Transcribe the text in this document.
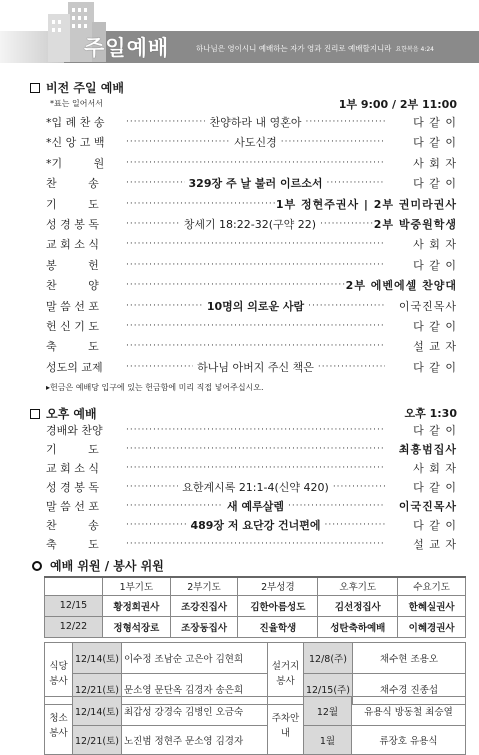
주일예배	하나님은 영이시니 예배하는 자가 영과 진리로 예배할지니라 요한복음 4:24
비전 주일 예배
*표는 일어서서	1부 9:00 / 2부 11:00
*입 례 찬 송 ·····	찬양하라 내 영혼아 ·····	다 같 이
*신 앙 고 백 ·····	사도신경 ·····	다 같 이
*기         원 ·····	사 회 자
찬         송 ·····	329장 주 날 불러 이르소서 ·····	다 같 이
기         도 ·····	1부 정현주권사 | 2부 권미라권사
성 경 봉 독 ·····	창세기 18:22-32(구약 22) ·····	2부 박중원학생
교 회 소 식 ·····	사 회 자
봉         헌 ·····	다 같 이
찬         양 ·····	2부 에벤에셀 찬양대
말 씀 선 포 ·····	10명의 의로운 사람 ·····	이국진목사
헌 신 기 도 ·····	다 같 이
축         도 ·····	설 교 자
성도의 교제 ·····	하나님 아버지 주신 책은 ·····	다 같 이
▸헌금은 예배당 입구에 있는 헌금함에 미리 직접 넣어주십시오.
오후 예배	오후 1:30
경배와 찬양 ·····	다 같 이
기         도 ·····	최흥범집사
교 회 소 식 ·····	사 회 자
성 경 봉 독 ·····	요한계시록 21:1-4(신약 420) ·····	다 같 이
말 씀 선 포 ·····	새 예루살렘 ·····	이국진목사
찬         송 ·····	489장 저 요단강 건너편에 ·····	다 같 이
축         도 ·····	설 교 자
예배 위원 / 봉사 위원
	1부기도	2부기도	2부성경	오후기도	수요기도
12/15	황정희권사	조강진집사	김한아름성도	김선정집사	한혜실권사
12/22	정형석장로	조장동집사	진율학생	성탄축하예배	이혜경권사
식당봉사	12/14(토)	이수정 조남순 고은아 김현희	설거지봉사	12/8(주)	채수현 조용오
	12/21(토)	문소영 문단옥 김경자 송은희		12/15(주)	채수경 진종섭
청소봉사	12/14(토)	최갑성 강경숙 김병인 오금숙	주차안내	12월	유용식 방동철 최승열
	12/21(토)	노진범 정현주 문소영 김경자		1월	류장호 유용식
